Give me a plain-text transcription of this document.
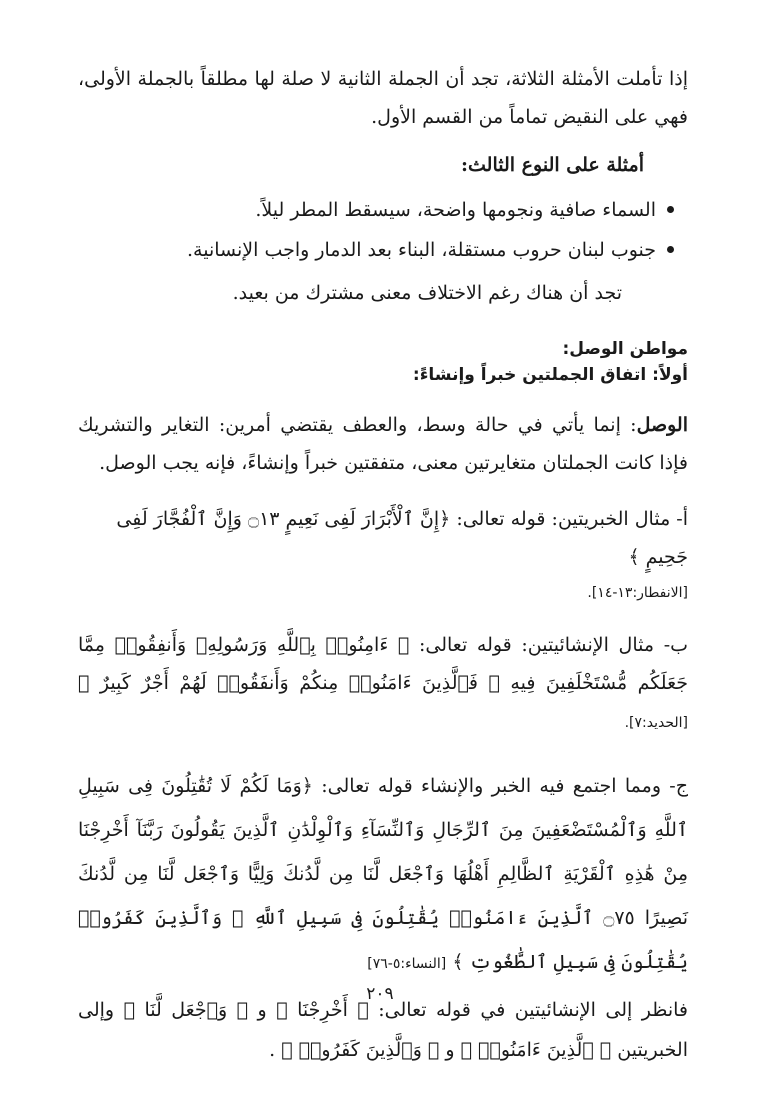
إذا تأملت الأمثلة الثلاثة، تجد أن الجملة الثانية لا صلة لها مطلقاً بالجملة الأولى، فهي على النقيض تماماً من القسم الأول.

أمثلة على النوع الثالث:

السماء صافية ونجومها واضحة، سيسقط المطر ليلاً.
جنوب لبنان حروب مستقلة، البناء بعد الدمار واجب الإنسانية.

تجد أن هناك رغم الاختلاف معنى مشترك من بعيد.

مواطن الوصل:

أولاً: اتفاق الجملتين خبراً وإنشاءً:

الوصل: إنما يأتي في حالة وسط، والعطف يقتضي أمرين: التغاير والتشريك فإذا كانت الجملتان متغايرتين معنى، متفقتين خبراً وإنشاءً، فإنه يجب الوصل.

أ- مثال الخبريتين: قوله تعالى: ﴿إِنَّ ٱلْأَبْرَارَ لَفِى نَعِيمٍ ۝١٣ وَإِنَّ ٱلْفُجَّارَ لَفِى جَحِيمٍ ﴾

[الانفطار:١٣-١٤].

ب- مثال الإنشائيتين: قوله تعالى: ﴿ ءَامِنُوا۟ بِٱللَّهِ وَرَسُولِهِۦ وَأَنفِقُوا۟ مِمَّا جَعَلَكُم مُّسْتَخْلَفِينَ فِيهِ ۖ فَٱلَّذِينَ ءَامَنُوا۟ مِنكُمْ وَأَنفَقُوا۟ لَهُمْ أَجْرٌ كَبِيرٌ ﴾ [الحديد:٧].

ج- ومما اجتمع فيه الخبر والإنشاء قوله تعالى: ﴿وَمَا لَكُمْ لَا تُقَٰتِلُونَ فِى سَبِيلِ ٱللَّهِ وَٱلْمُسْتَضْعَفِينَ مِنَ ٱلرِّجَالِ وَٱلنِّسَآءِ وَٱلْوِلْدَٰنِ ٱلَّذِينَ يَقُولُونَ رَبَّنَآ أَخْرِجْنَا مِنْ هَٰذِهِ ٱلْقَرْيَةِ ٱلظَّالِمِ أَهْلُهَا وَٱجْعَل لَّنَا مِن لَّدُنكَ وَلِيًّا وَٱجْعَل لَّنَا مِن لَّدُنكَ نَصِيرًا ۝٧٥ ٱلَّذِينَ ءَامَنُوا۟ يُقَٰتِلُونَ فِى سَبِيلِ ٱللَّهِ ۖ وَٱلَّذِينَ كَفَرُوا۟ يُقَٰتِلُونَ فِى سَبِيلِ ٱلطَّٰغُوتِ ﴾ [النساء:٥-٧٦]

فانظر إلى الإنشائيتين في قوله تعالى: ﴿ أَخْرِجْنَا ﴾ و ﴿ وَٱجْعَل لَّنَا ﴾ وإلى الخبريتين ﴿ ٱلَّذِينَ ءَامَنُوا۟ ﴾ و ﴿ وَٱلَّذِينَ كَفَرُوا۟ ﴾ .

٢٠٩
